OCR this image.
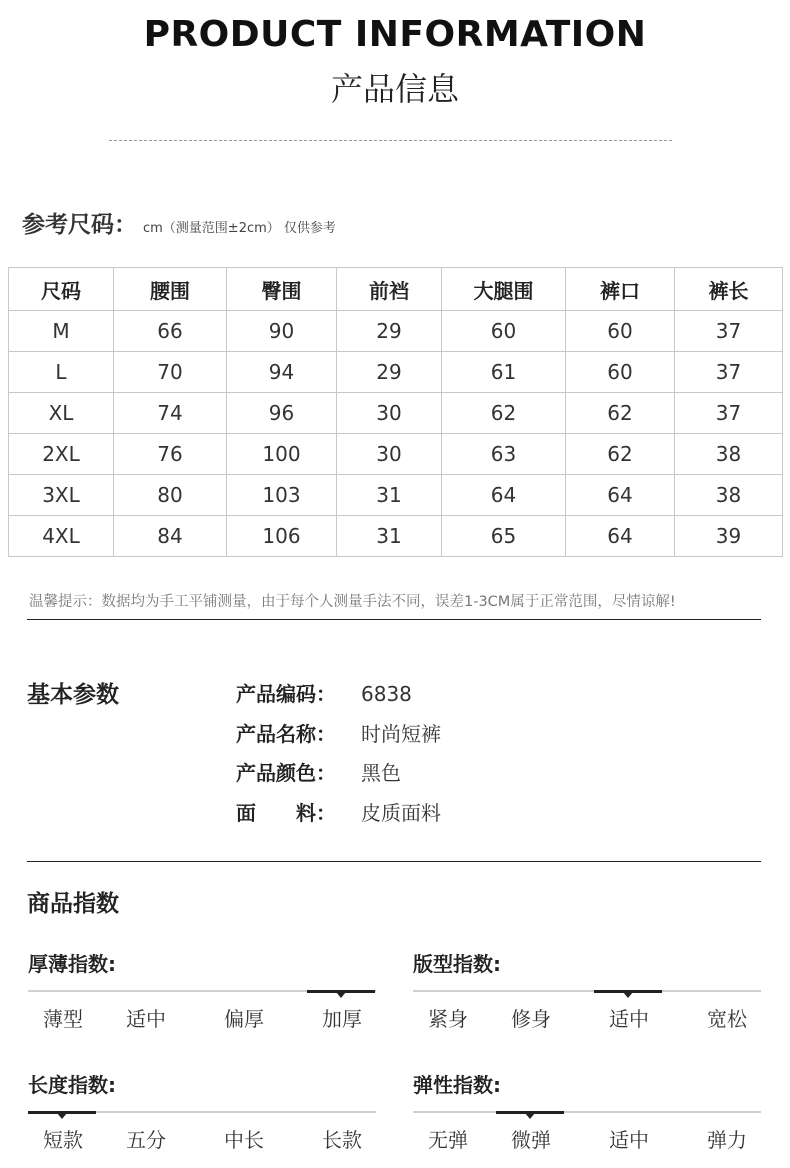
PRODUCT INFORMATION
产品信息
参考尺码： cm（测量范围±2cm） 仅供参考
尺码	腰围	臀围	前裆	大腿围	裤口	裤长
M	66	90	29	60	60	37
L	70	94	29	61	60	37
XL	74	96	30	62	62	37
2XL	76	100	30	63	62	38
3XL	80	103	31	64	64	38
4XL	84	106	31	65	64	39
温馨提示：数据均为手工平铺测量，由于每个人测量手法不同，误差1-3CM属于正常范围，尽情谅解!
基本参数	产品编码： 6838
产品名称： 时尚短裤
产品颜色： 黑色
面　　料： 皮质面料
商品指数
厚薄指数:
薄型	适中	偏厚	加厚
版型指数:
紧身	修身	适中	宽松
长度指数:
短款	五分	中长	长款
弹性指数:
无弹	微弹	适中	弹力
